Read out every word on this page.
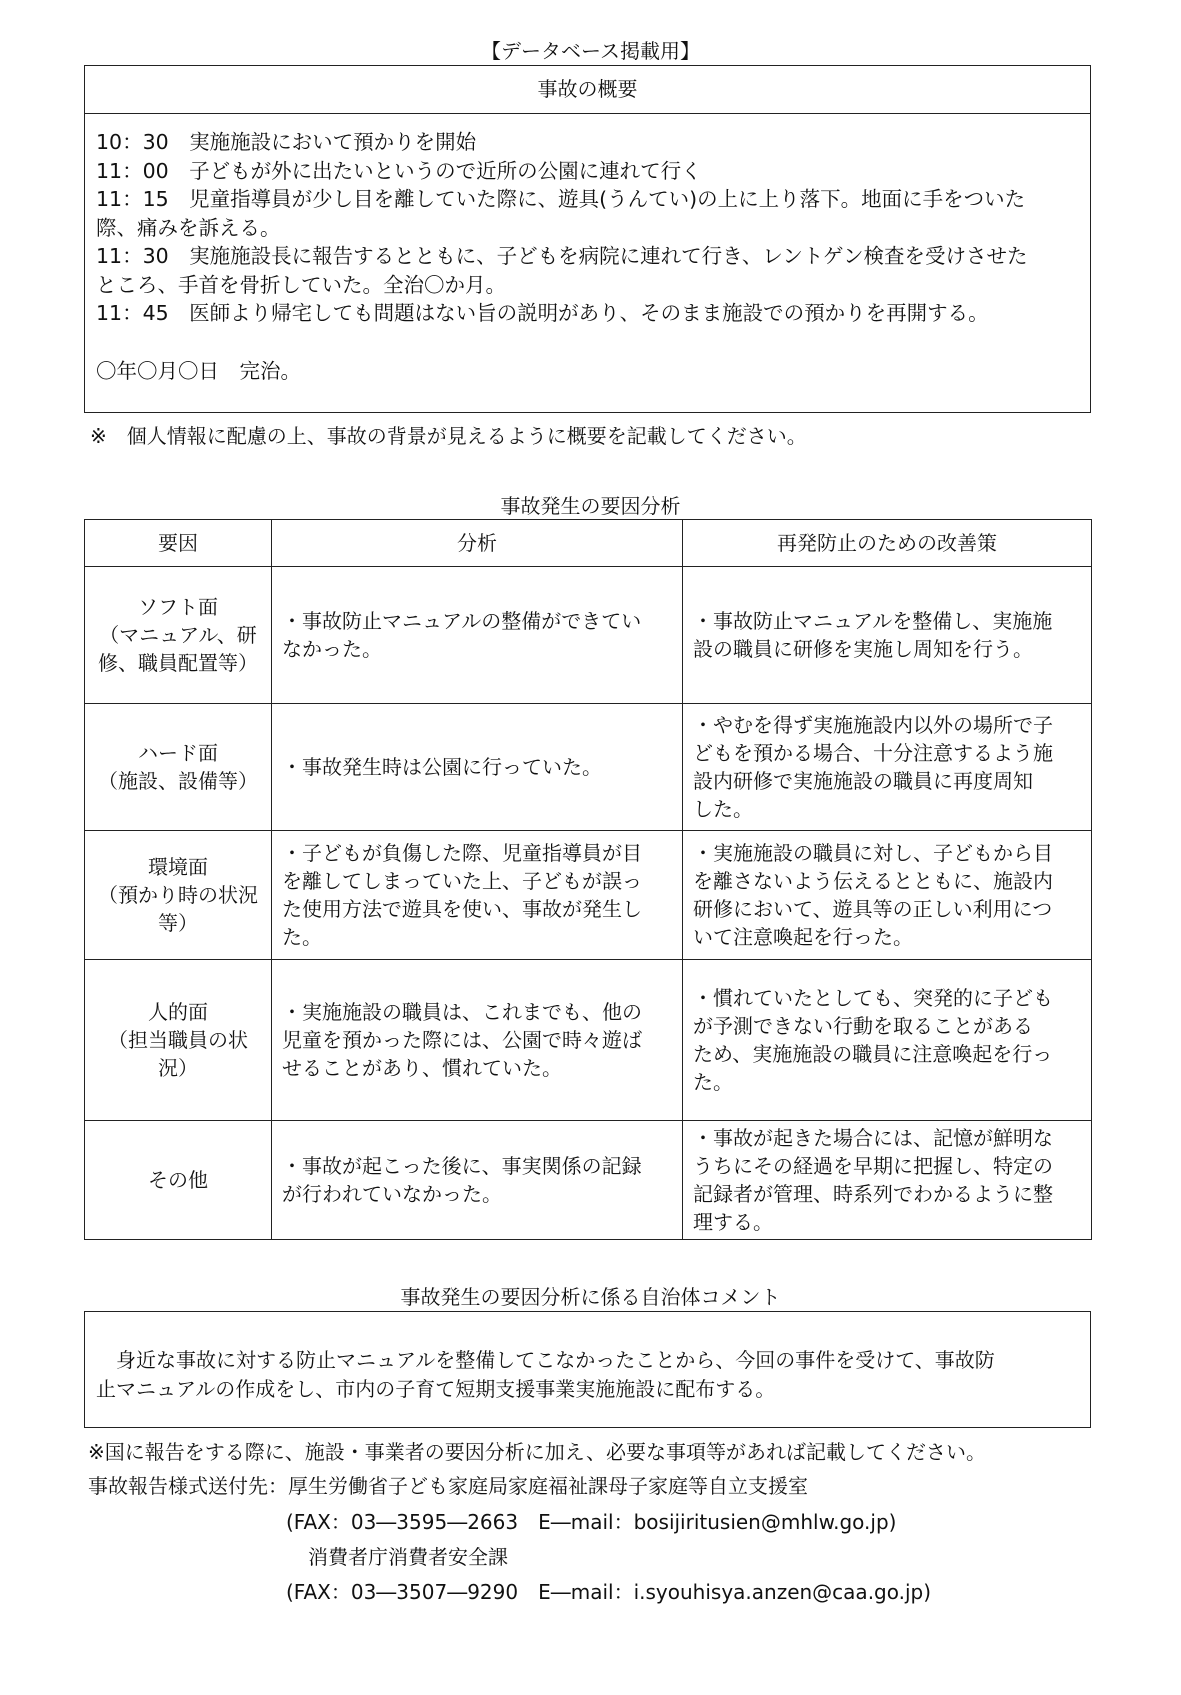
【データベース掲載用】
事故の概要
10：30　実施施設において預かりを開始
11：00　子どもが外に出たいというので近所の公園に連れて行く
11：15　児童指導員が少し目を離していた際に、遊具(うんてい)の上に上り落下。地面に手をついた
際、痛みを訴える。
11：30　実施施設長に報告するとともに、子どもを病院に連れて行き、レントゲン検査を受けさせた
ところ、手首を骨折していた。全治〇か月。
11：45　医師より帰宅しても問題はない旨の説明があり、そのまま施設での預かりを再開する。
〇年〇月〇日　完治。
※　個人情報に配慮の上、事故の背景が見えるように概要を記載してください。
事故発生の要因分析
要因	分析	再発防止のための改善策

ソフト面
（マニュアル、研
修、職員配置等）	・事故防止マニュアルの整備ができてい
なかった。	・事故防止マニュアルを整備し、実施施
設の職員に研修を実施し周知を行う。

ハード面
（施設、設備等）	・事故発生時は公園に行っていた。	・やむを得ず実施施設内以外の場所で子
どもを預かる場合、十分注意するよう施
設内研修で実施施設の職員に再度周知
した。

環境面
（預かり時の状況
等）	・子どもが負傷した際、児童指導員が目
を離してしまっていた上、子どもが誤っ
た使用方法で遊具を使い、事故が発生し
た。	・実施施設の職員に対し、子どもから目
を離さないよう伝えるとともに、施設内
研修において、遊具等の正しい利用につ
いて注意喚起を行った。

人的面
（担当職員の状
況）	・実施施設の職員は、これまでも、他の
児童を預かった際には、公園で時々遊ば
せることがあり、慣れていた。	・慣れていたとしても、突発的に子ども
が予測できない行動を取ることがある
ため、実施施設の職員に注意喚起を行っ
た。

その他	・事故が起こった後に、事実関係の記録
が行われていなかった。	・事故が起きた場合には、記憶が鮮明な
うちにその経過を早期に把握し、特定の
記録者が管理、時系列でわかるように整
理する。
事故発生の要因分析に係る自治体コメント
　身近な事故に対する防止マニュアルを整備してこなかったことから、今回の事件を受けて、事故防
止マニュアルの作成をし、市内の子育て短期支援事業実施施設に配布する。
※国に報告をする際に、施設・事業者の要因分析に加え、必要な事項等があれば記載してください。
事故報告様式送付先：厚生労働省子ども家庭局家庭福祉課母子家庭等自立支援室
(FAX：03―3595―2663　E―mail：bosijiritusien@mhlw.go.jp)
消費者庁消費者安全課
(FAX：03―3507―9290　E―mail：i.syouhisya.anzen@caa.go.jp)
